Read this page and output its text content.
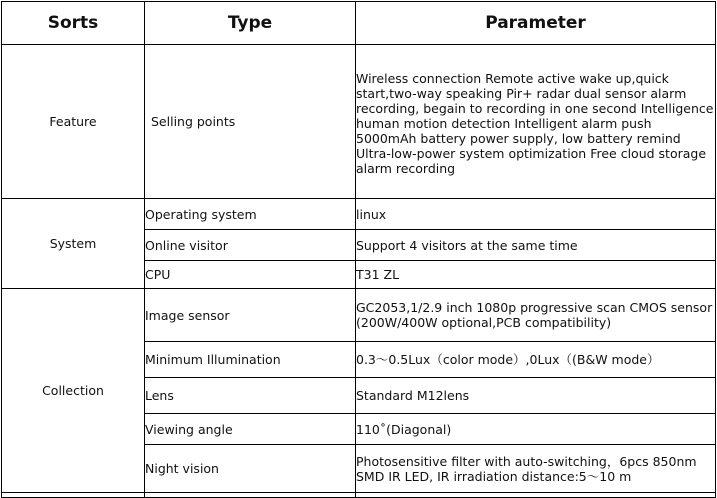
Sorts	Type	Parameter
Feature	Selling points	Wireless connection Remote active wake up,quick start,two-way speaking Pir+ radar dual sensor alarm recording, begain to recording in one second Intelligence human motion detection Intelligent alarm push 5000mAh battery power supply, low battery remind Ultra-low-power system optimization Free cloud storage alarm recording
System	Operating system	linux
	Online visitor	Support 4 visitors at the same time
	CPU	T31 ZL
Collection	Image sensor	GC2053,1/2.9 inch 1080p progressive scan CMOS sensor (200W/400W optional,PCB compatibility)
	Minimum Illumination	0.3～0.5Lux（color mode）,0Lux（(B&W mode）
	Lens	Standard M12lens
	Viewing angle	110˚(Diagonal)
	Night vision	Photosensitive filter with auto-switching，6pcs 850nm SMD IR LED, IR irradiation distance:5～10 m
